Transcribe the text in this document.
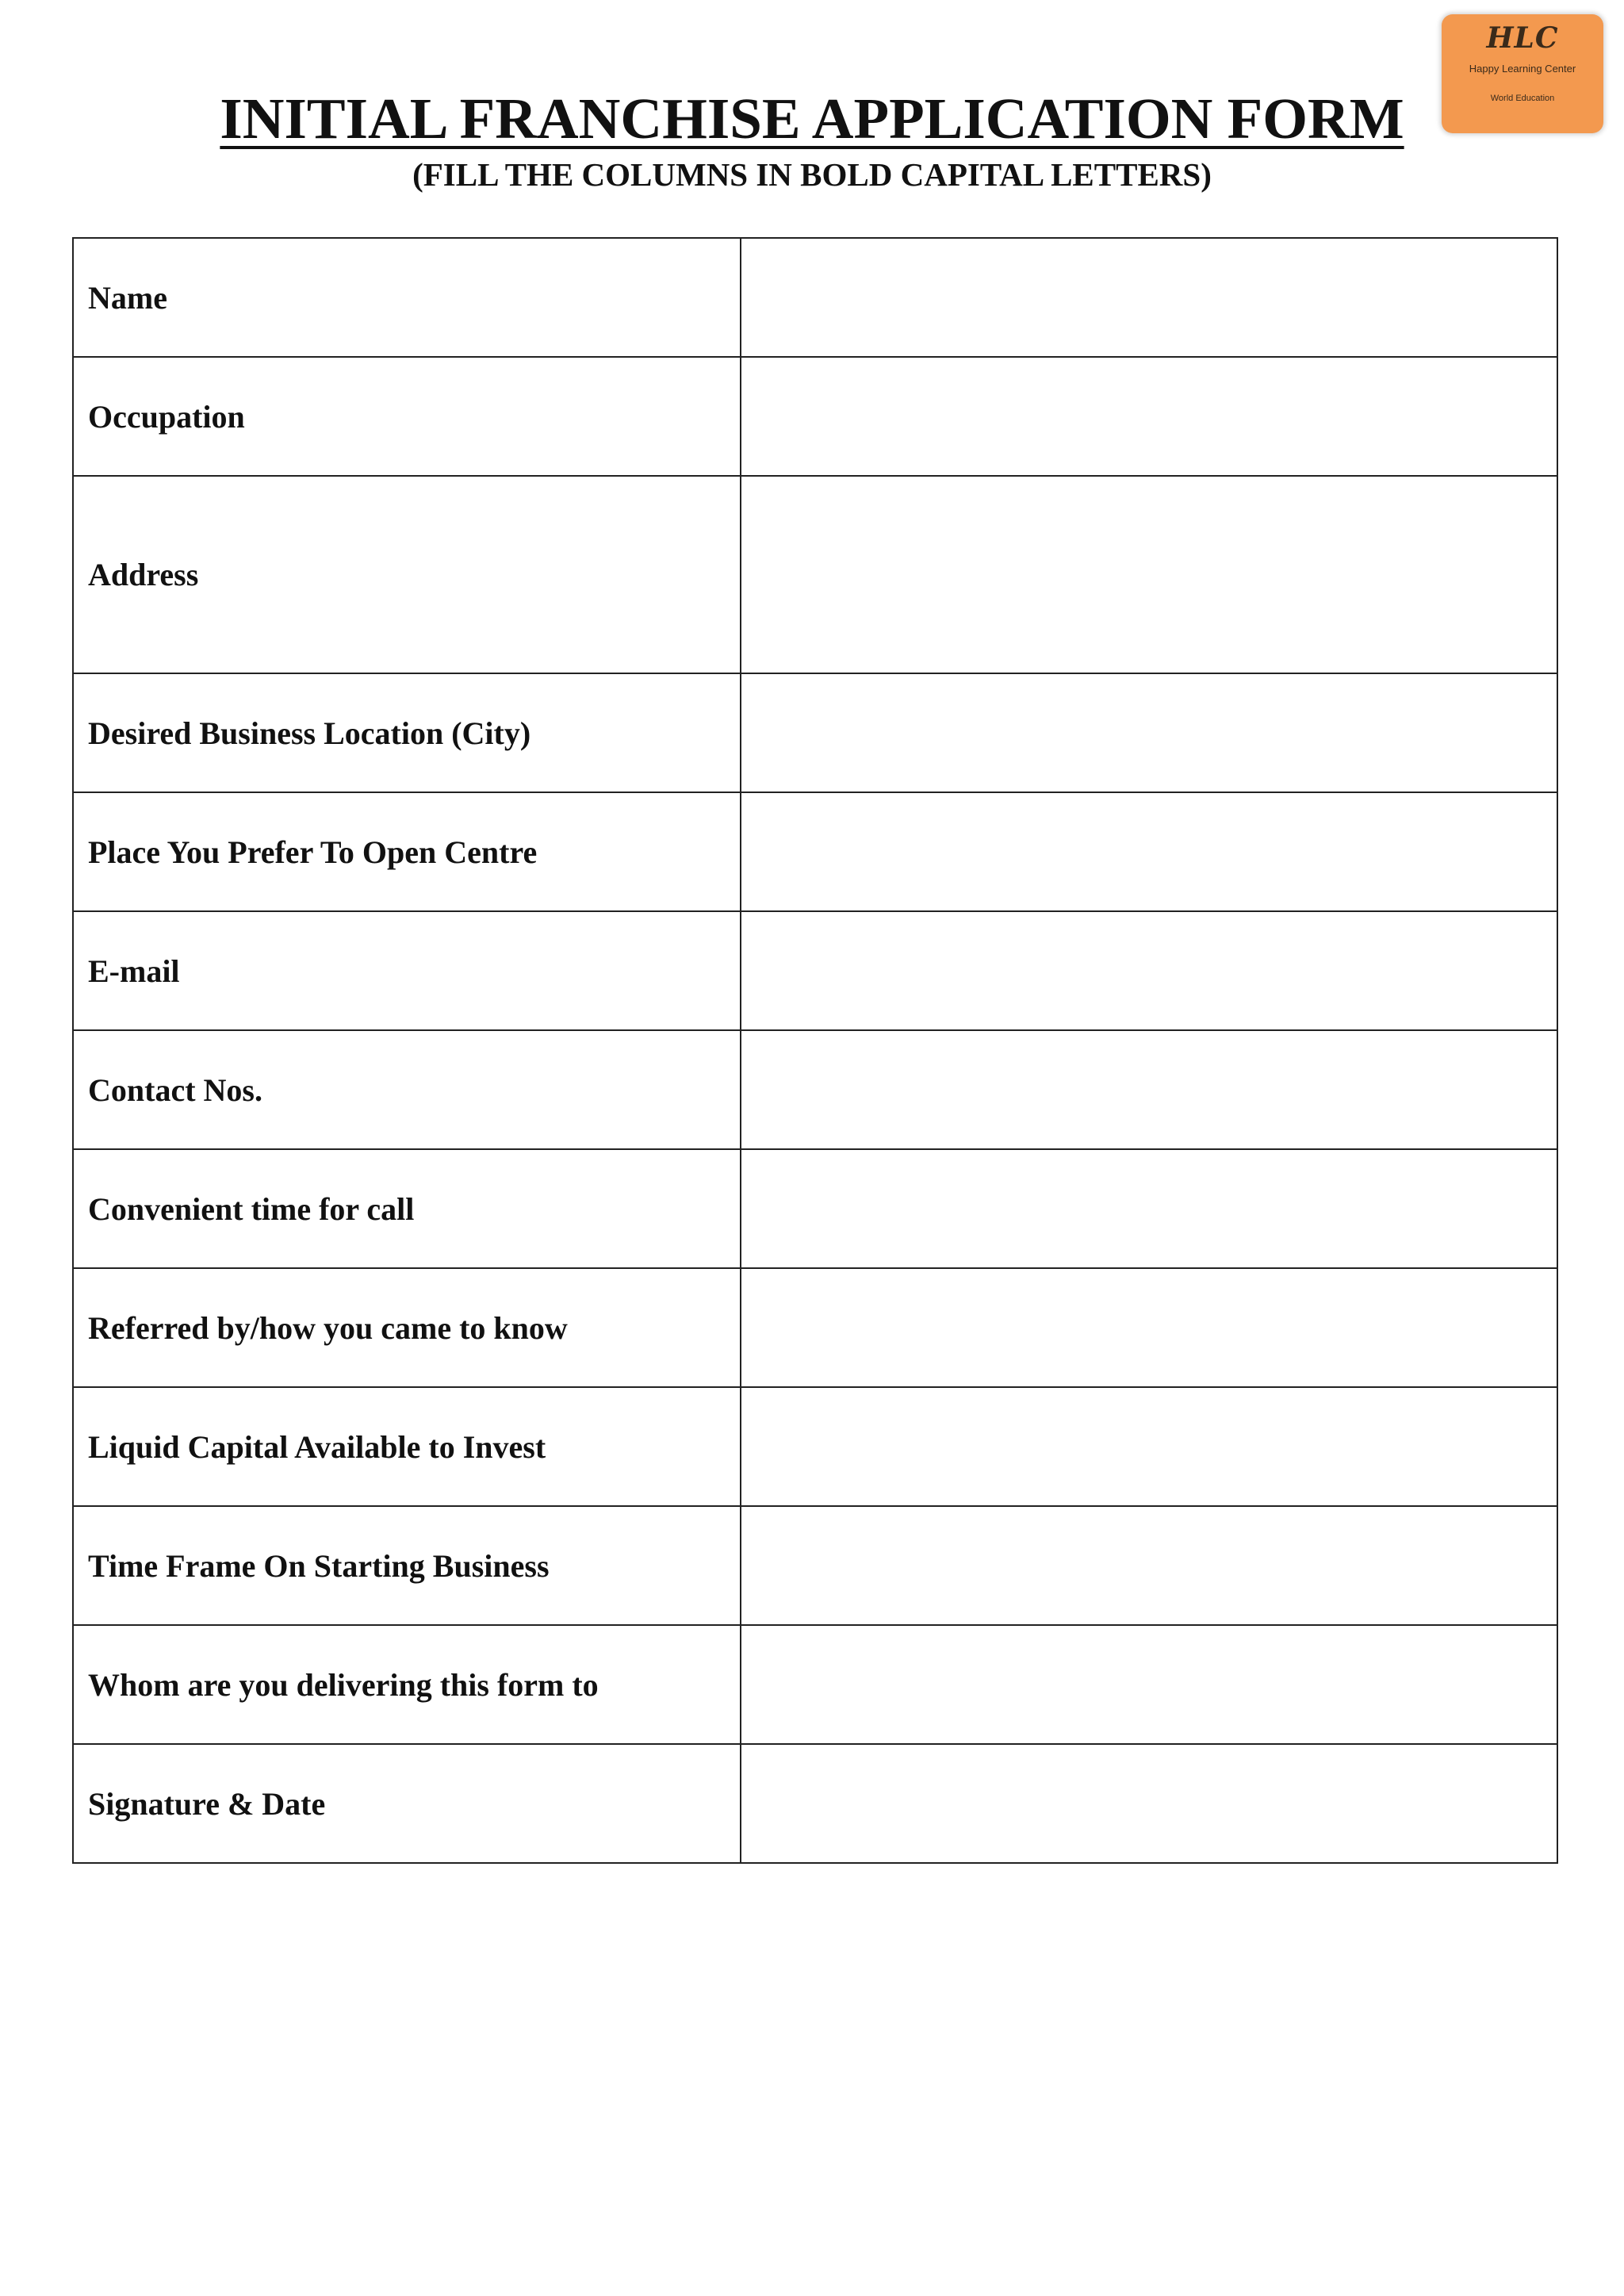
HLC
Happy Learning Center
World Education
INITIAL FRANCHISE APPLICATION FORM
(FILL THE COLUMNS IN BOLD CAPITAL LETTERS)
Name	
Occupation	
Address	
Desired Business Location (City)	
Place You Prefer To Open Centre	
E-mail	
Contact Nos.	
Convenient time for call	
Referred by/how you came to know	
Liquid Capital Available to Invest	
Time Frame On Starting Business	
Whom are you delivering this form to	
Signature & Date	
